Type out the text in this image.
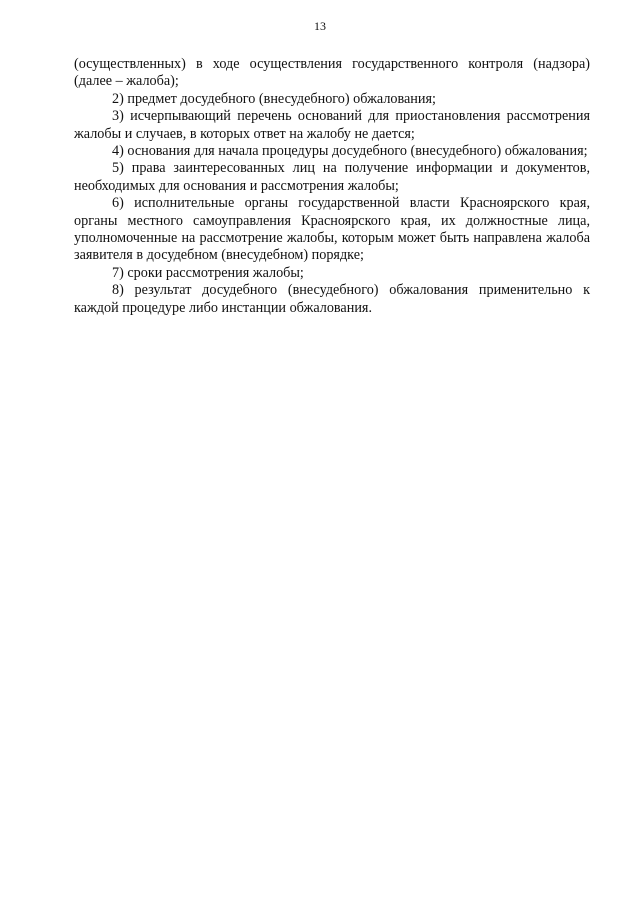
13

(осуществленных) в ходе осуществления государственного контроля (надзора) (далее – жалоба);

2) предмет досудебного (внесудебного) обжалования;

3) исчерпывающий перечень оснований для приостановления рассмотрения жалобы и случаев, в которых ответ на жалобу не дается;

4) основания для начала процедуры досудебного (внесудебного) обжалования;

5) права заинтересованных лиц на получение информации и документов, необходимых для основания и рассмотрения жалобы;

6) исполнительные органы государственной власти Красноярского края, органы местного самоуправления Красноярского края, их должностные лица, уполномоченные на рассмотрение жалобы, которым может быть направлена жалоба заявителя в досудебном (внесудебном) порядке;

7) сроки рассмотрения жалобы;

8) результат досудебного (внесудебного) обжалования применительно к каждой процедуре либо инстанции обжалования.
